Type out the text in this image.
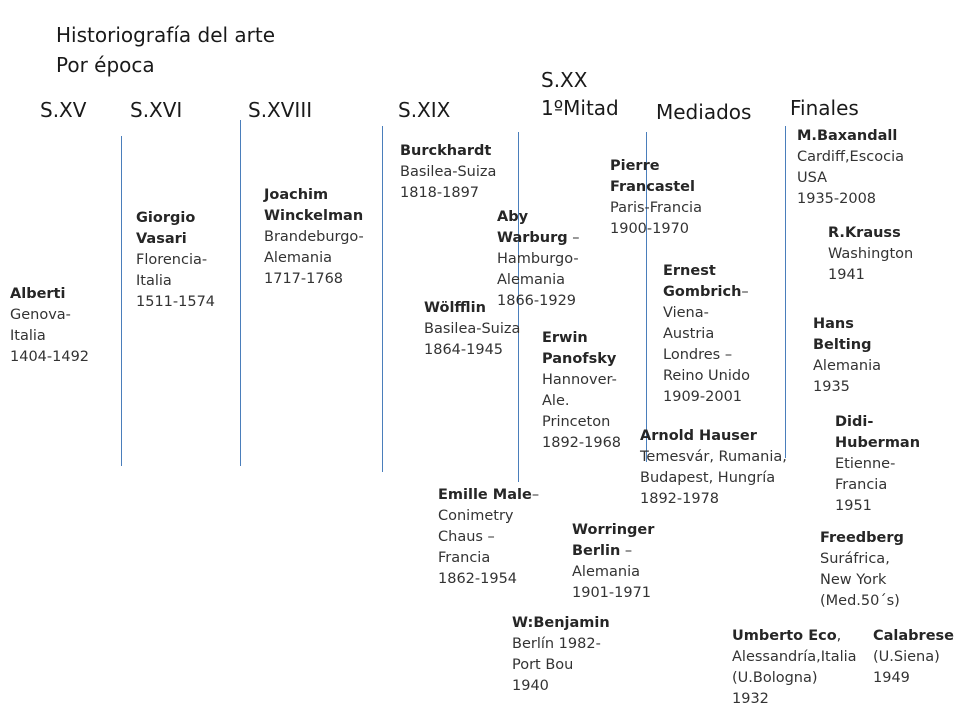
Historiografía del arte
Por época
S.XV S.XVI	S.XVIII	S.XIX
S.XX
1ºMitad Mediados Finales
Alberti
Genova-
Italia
1404-1492
Giorgio
Vasari
Florencia-
Italia
1511-1574
Joachim
Winckelman
Brandeburgo-
Alemania
1717-1768
Burckhardt
Basilea-Suiza
1818-1897
Wölfflin
Basilea-Suiza
1864-1945
Aby
Warburg –
Hamburgo-
Alemania
1866-1929
Emille Male–
Conimetry
Chaus –
Francia
1862-1954
Erwin
Panofsky
Hannover-
Ale.
Princeton
1892-1968
Worringer
Berlin –
Alemania
1901-1971
W:Benjamin
Berlín 1982-
Port Bou
1940
Pierre
Francastel
Paris-Francia
1900-1970
Ernest
Gombrich–
Viena-
Austria
Londres –
Reino Unido
1909-2001
Arnold Hauser
Temesvár, Rumania,
Budapest, Hungría
1892-1978
Umberto Eco,
Alessandría,Italia
(U.Bologna)
1932
M.Baxandall
Cardiff,Escocia
USA
1935-2008
R.Krauss
Washington
1941
Hans
Belting
Alemania
1935
Didi-
Huberman
Etienne-
Francia
1951
Freedberg
Suráfrica,
New York
(Med.50´s)
Calabrese
(U.Siena)
1949
